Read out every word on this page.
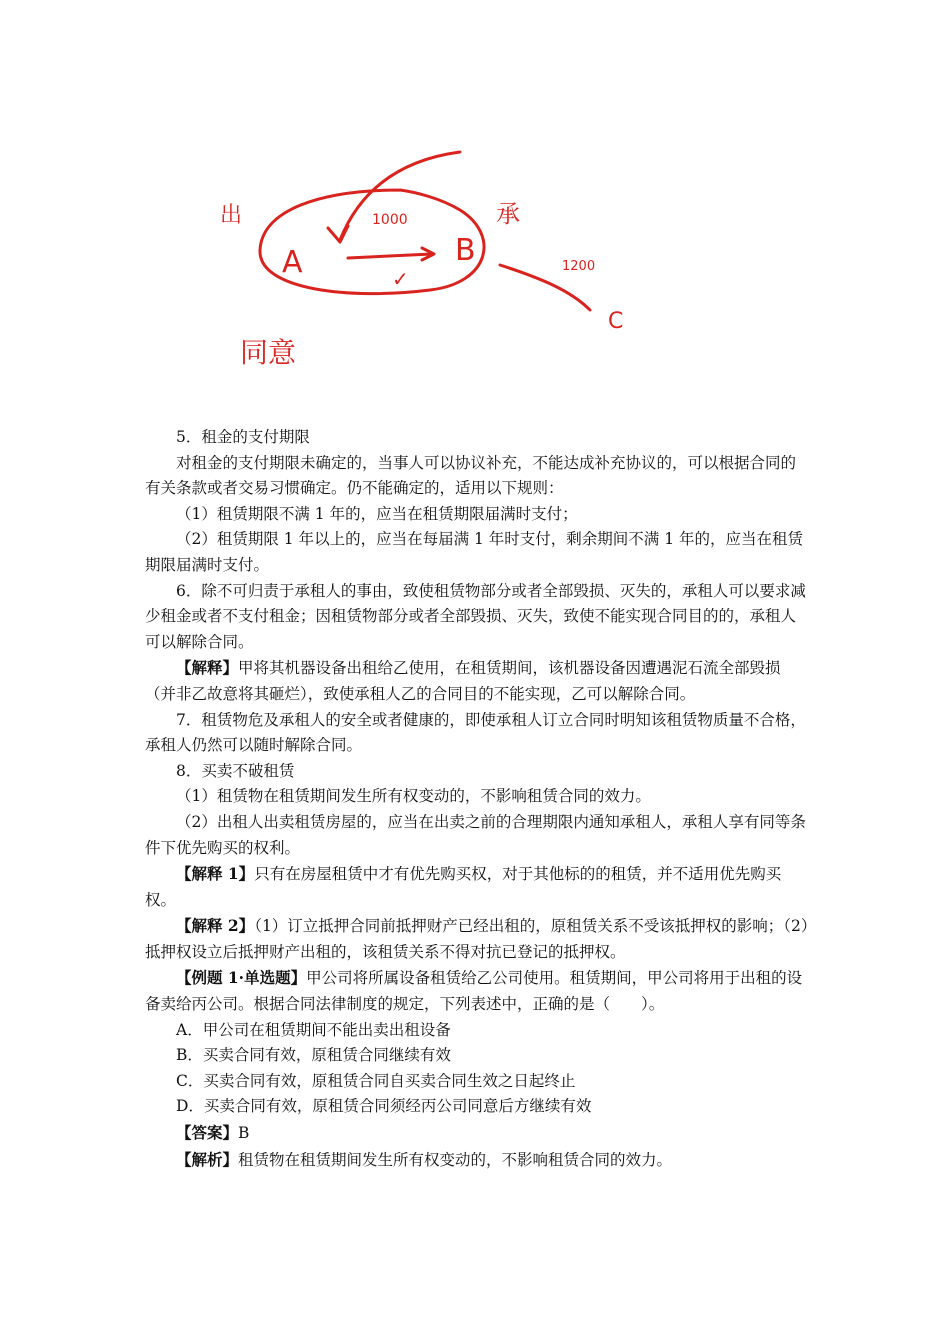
出
A
1000
✓
B
承
1200
C
同意

5．租金的支付期限

对租金的支付期限未确定的，当事人可以协议补充，不能达成补充协议的，可以根据合同的有关条款或者交易习惯确定。仍不能确定的，适用以下规则：

（1）租赁期限不满 1 年的，应当在租赁期限届满时支付；

（2）租赁期限 1 年以上的，应当在每届满 1 年时支付，剩余期间不满 1 年的，应当在租赁期限届满时支付。

6．除不可归责于承租人的事由，致使租赁物部分或者全部毁损、灭失的，承租人可以要求减少租金或者不支付租金；因租赁物部分或者全部毁损、灭失，致使不能实现合同目的的，承租人可以解除合同。

【解释】甲将其机器设备出租给乙使用，在租赁期间，该机器设备因遭遇泥石流全部毁损（并非乙故意将其砸烂），致使承租人乙的合同目的不能实现，乙可以解除合同。

7．租赁物危及承租人的安全或者健康的，即使承租人订立合同时明知该租赁物质量不合格，承租人仍然可以随时解除合同。

8．买卖不破租赁

（1）租赁物在租赁期间发生所有权变动的，不影响租赁合同的效力。

（2）出租人出卖租赁房屋的，应当在出卖之前的合理期限内通知承租人，承租人享有同等条件下优先购买的权利。

【解释 1】只有在房屋租赁中才有优先购买权，对于其他标的的租赁，并不适用优先购买权。

【解释 2】（1）订立抵押合同前抵押财产已经出租的，原租赁关系不受该抵押权的影响；（2）抵押权设立后抵押财产出租的，该租赁关系不得对抗已登记的抵押权。

【例题 1·单选题】甲公司将所属设备租赁给乙公司使用。租赁期间，甲公司将用于出租的设备卖给丙公司。根据合同法律制度的规定，下列表述中，正确的是（　　）。

A．甲公司在租赁期间不能出卖出租设备

B．买卖合同有效，原租赁合同继续有效

C．买卖合同有效，原租赁合同自买卖合同生效之日起终止

D．买卖合同有效，原租赁合同须经丙公司同意后方继续有效

【答案】B

【解析】租赁物在租赁期间发生所有权变动的，不影响租赁合同的效力。
